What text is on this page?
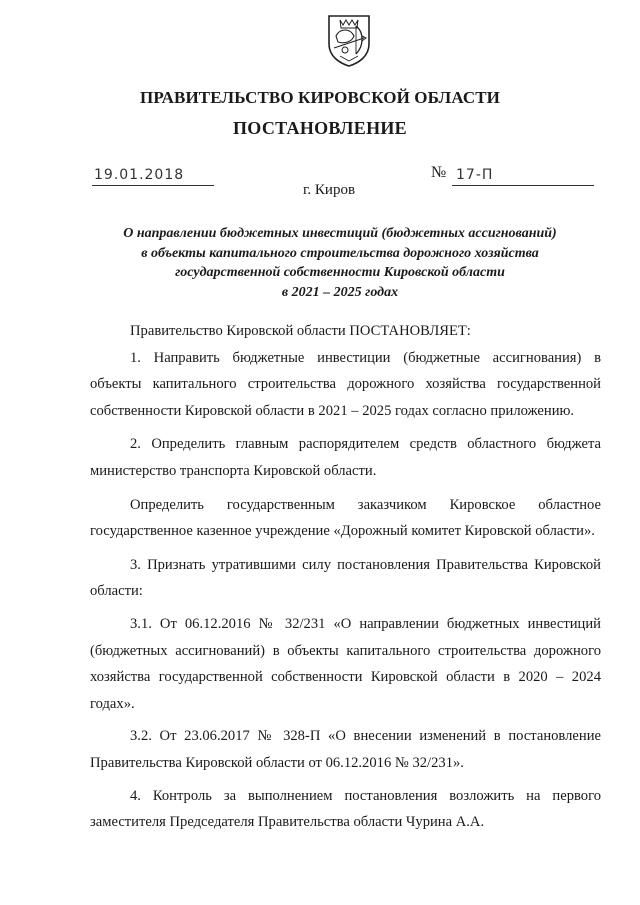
ПРАВИТЕЛЬСТВО КИРОВСКОЙ ОБЛАСТИ
ПОСТАНОВЛЕНИЕ
19.01.2018	№ 17-П
г. Киров
О направлении бюджетных инвестиций (бюджетных ассигнований)
в объекты капитального строительства дорожного хозяйства
государственной собственности Кировской области
в 2021 – 2025 годах

Правительство Кировской области ПОСТАНОВЛЯЕТ:

1. Направить бюджетные инвестиции (бюджетные ассигнования) в объекты капитального строительства дорожного хозяйства государственной собственности Кировской области в 2021 – 2025 годах согласно приложению.

2. Определить главным распорядителем средств областного бюджета министерство транспорта Кировской области.

Определить государственным заказчиком Кировское областное государственное казенное учреждение «Дорожный комитет Кировской области».

3. Признать утратившими силу постановления Правительства Кировской области:

3.1. От 06.12.2016 № 32/231 «О направлении бюджетных инвестиций (бюджетных ассигнований) в объекты капитального строительства дорожного хозяйства государственной собственности Кировской области в 2020 – 2024 годах».

3.2. От 23.06.2017 № 328-П «О внесении изменений в постановление Правительства Кировской области от 06.12.2016 № 32/231».

4. Контроль за выполнением постановления возложить на первого заместителя Председателя Правительства области Чурина А.А.
